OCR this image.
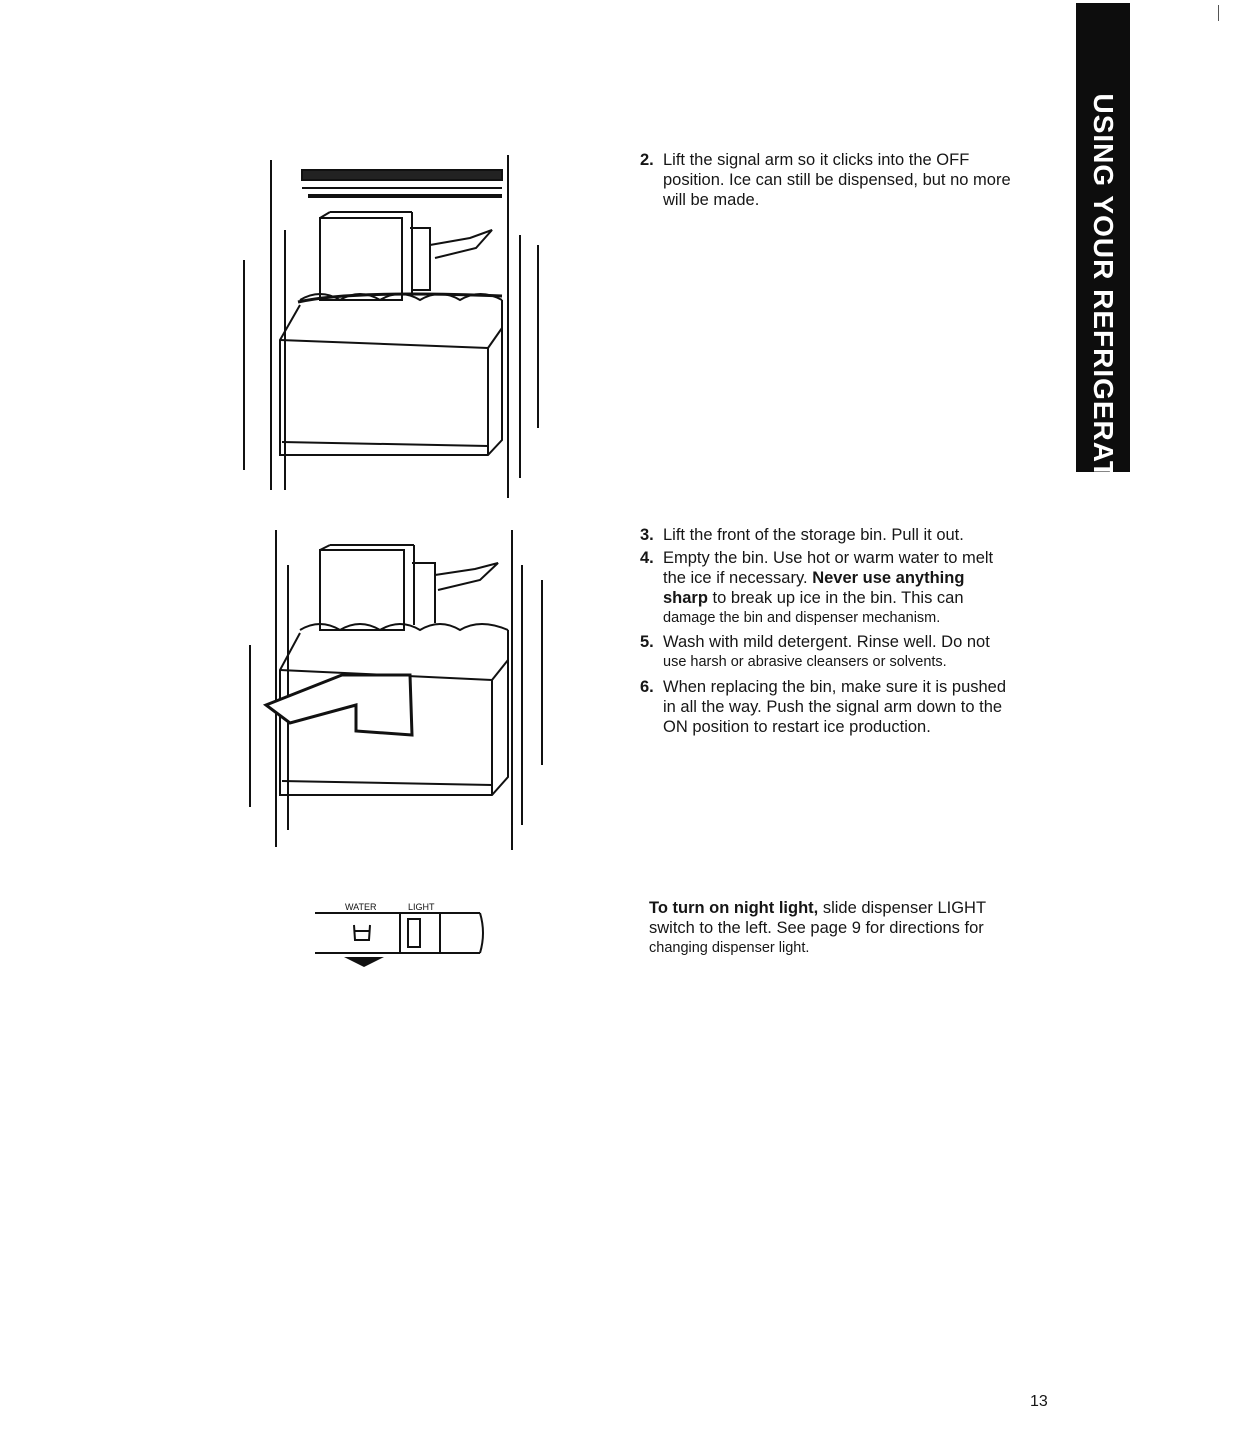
WATER	LIGHT
2. Lift the signal arm so it clicks into the OFF
position. Ice can still be dispensed, but no more
will be made.
3. Lift the front of the storage bin. Pull it out.
4. Empty the bin. Use hot or warm water to melt
the ice if necessary. Never use anything
sharp to break up ice in the bin. This can
damage the bin and dispenser mechanism.
5. Wash with mild detergent. Rinse well. Do not
use harsh or abrasive cleansers or solvents.
6. When replacing the bin, make sure it is pushed
in all the way. Push the signal arm down to the
ON position to restart ice production.
To turn on night light, slide dispenser LIGHT
switch to the left. See page 9 for directions for
changing dispenser light.
USING YOUR REFRIGERATOR
13
